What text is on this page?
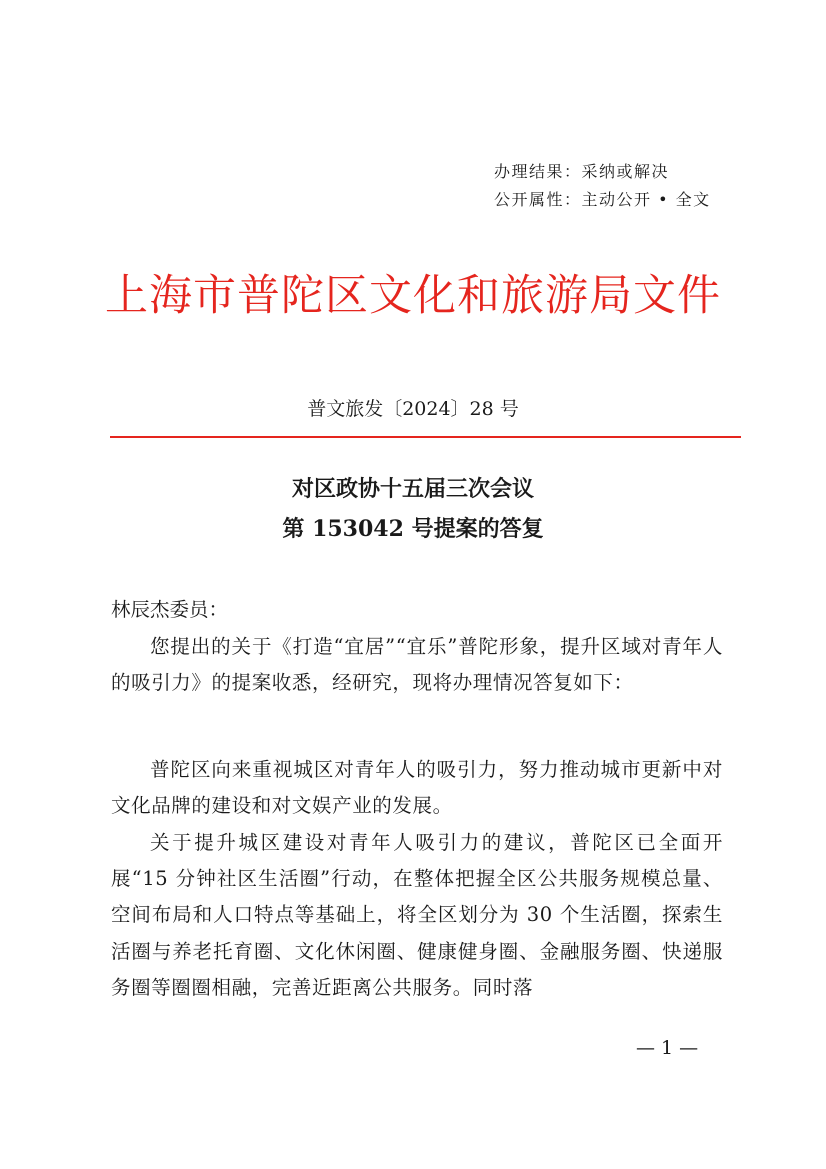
办理结果：采纳或解决
公开属性：主动公开 • 全文
上海市普陀区文化和旅游局文件
普文旅发〔2024〕28 号
对区政协十五届三次会议
第 153042 号提案的答复
林辰杰委员：

您提出的关于《打造“宜居”“宜乐”普陀形象，提升区域对青年人的吸引力》的提案收悉，经研究，现将办理情况答复如下：

普陀区向来重视城区对青年人的吸引力，努力推动城市更新中对文化品牌的建设和对文娱产业的发展。

关于提升城区建设对青年人吸引力的建议，普陀区已全面开展“15 分钟社区生活圈”行动，在整体把握全区公共服务规模总量、空间布局和人口特点等基础上，将全区划分为 30 个生活圈，探索生活圈与养老托育圈、文化休闲圈、健康健身圈、金融服务圈、快递服务圈等圈圈相融，完善近距离公共服务。同时落

— 1 —
